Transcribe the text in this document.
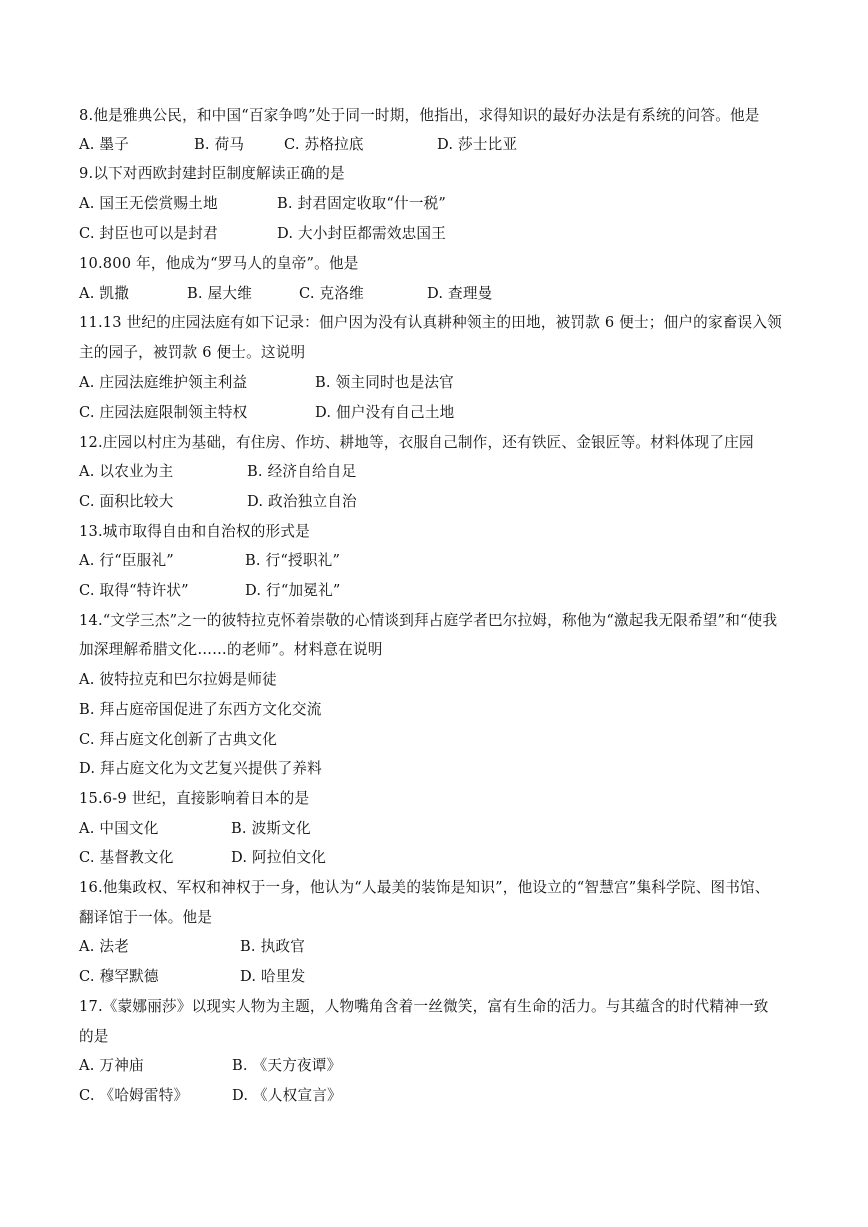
8.他是雅典公民，和中国“百家争鸣”处于同一时期，他指出，求得知识的最好办法是有系统的问答。他是
A. 墨子	B. 荷马	C. 苏格拉底	D. 莎士比亚
9.以下对西欧封建封臣制度解读正确的是
A. 国王无偿赏赐土地	B. 封君固定收取“什一税”
C. 封臣也可以是封君	D. 大小封臣都需效忠国王
10.800 年，他成为“罗马人的皇帝”。他是
A. 凯撒	B. 屋大维	C. 克洛维	D. 查理曼
11.13 世纪的庄园法庭有如下记录：佃户因为没有认真耕种领主的田地，被罚款 6 便士；佃户的家畜误入领
主的园子，被罚款 6 便士。这说明
A. 庄园法庭维护领主利益	B. 领主同时也是法官
C. 庄园法庭限制领主特权	D. 佃户没有自己土地
12.庄园以村庄为基础，有住房、作坊、耕地等，衣服自己制作，还有铁匠、金银匠等。材料体现了庄园
A. 以农业为主	B. 经济自给自足
C. 面积比较大	D. 政治独立自治
13.城市取得自由和自治权的形式是
A. 行“臣服礼”	B. 行“授职礼”
C. 取得“特许状”	D. 行“加冕礼”
14.“文学三杰”之一的彼特拉克怀着崇敬的心情谈到拜占庭学者巴尔拉姆，称他为“激起我无限希望”和“使我
加深理解希腊文化……的老师”。材料意在说明
A. 彼特拉克和巴尔拉姆是师徒
B. 拜占庭帝国促进了东西方文化交流
C. 拜占庭文化创新了古典文化
D. 拜占庭文化为文艺复兴提供了养料
15.6-9 世纪，直接影响着日本的是
A. 中国文化	B. 波斯文化
C. 基督教文化	D. 阿拉伯文化
16.他集政权、军权和神权于一身，他认为“人最美的装饰是知识”，他设立的“智慧宫”集科学院、图书馆、
翻译馆于一体。他是
A. 法老	B. 执政官
C. 穆罕默德	D. 哈里发
17.《蒙娜丽莎》以现实人物为主题，人物嘴角含着一丝微笑，富有生命的活力。与其蕴含的时代精神一致
的是
A. 万神庙	B. 《天方夜谭》
C. 《哈姆雷特》	D. 《人权宣言》
